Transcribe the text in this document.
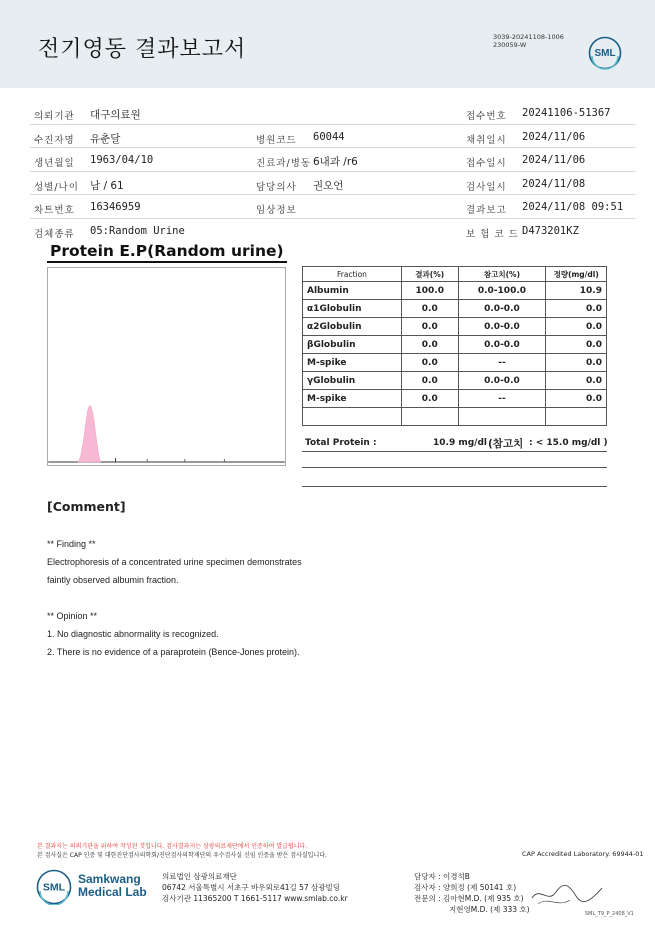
전기영동 결과보고서	3039-20241108-1006
230059-W
SML
의뢰기관 대구의료원	접수번호 20241106-51367
수진자명 유춘달	병원코드 60044	채취일시 2024/11/06
생년월일 1963/04/10	진료과/병동 6내과 /r6	접수일시 2024/11/06
성별/나이 남 / 61	담당의사 권오언	검사일시 2024/11/08
차트번호 16346959	임상정보	결과보고 2024/11/08 09:51
검체종류 05:Random Urine	보 험 코 드 D473201KZ
Protein E.P(Random urine)
Fraction	결과(%)	참고치(%)	정량(mg/dl)
Albumin	100.0	0.0-100.0	10.9
α1Globulin	0.0	0.0-0.0	0.0
α2Globulin	0.0	0.0-0.0	0.0
βGlobulin	0.0	0.0-0.0	0.0
M-spike	0.0	--	0.0
γGlobulin	0.0	0.0-0.0	0.0
M-spike	0.0	--	0.0

Total Protein :	10.9 mg/dl (참고치 : < 15.0 mg/dl )
[Comment]
** Finding **
Electrophoresis of a concentrated urine specimen demonstrates
faintly observed albumin fraction.
** Opinion **
1. No diagnostic abnormality is recognized.
2. There is no evidence of a paraprotein (Bence-Jones protein).
본 결과지는 의뢰기관을 위하여 작성된 것입니다. 검사결과지는 삼광의료재단에서 인증하여 발급됩니다.
본 검사실은 CAP 인증 및 대한진단검사의학회/진단검사의학재단의 우수검사실 신임 인증을 받은 검사실입니다.	CAP Accredited Laboratory. 69944-01
SML
Samkwang
Medical Lab
의료법인 삼광의료재단
06742 서울특별시 서초구 바우뫼로41길 57 삼광빌딩
검사기관 11365200 T 1661-5117 www.smlab.co.kr
담당자 : 이경석B
검사자 : 양희정 (제 50141 호)
전문의 : 김아현M.D. (제 935 호)
지현영M.D. (제 333 호)	SML_T9_P_2408_V1
